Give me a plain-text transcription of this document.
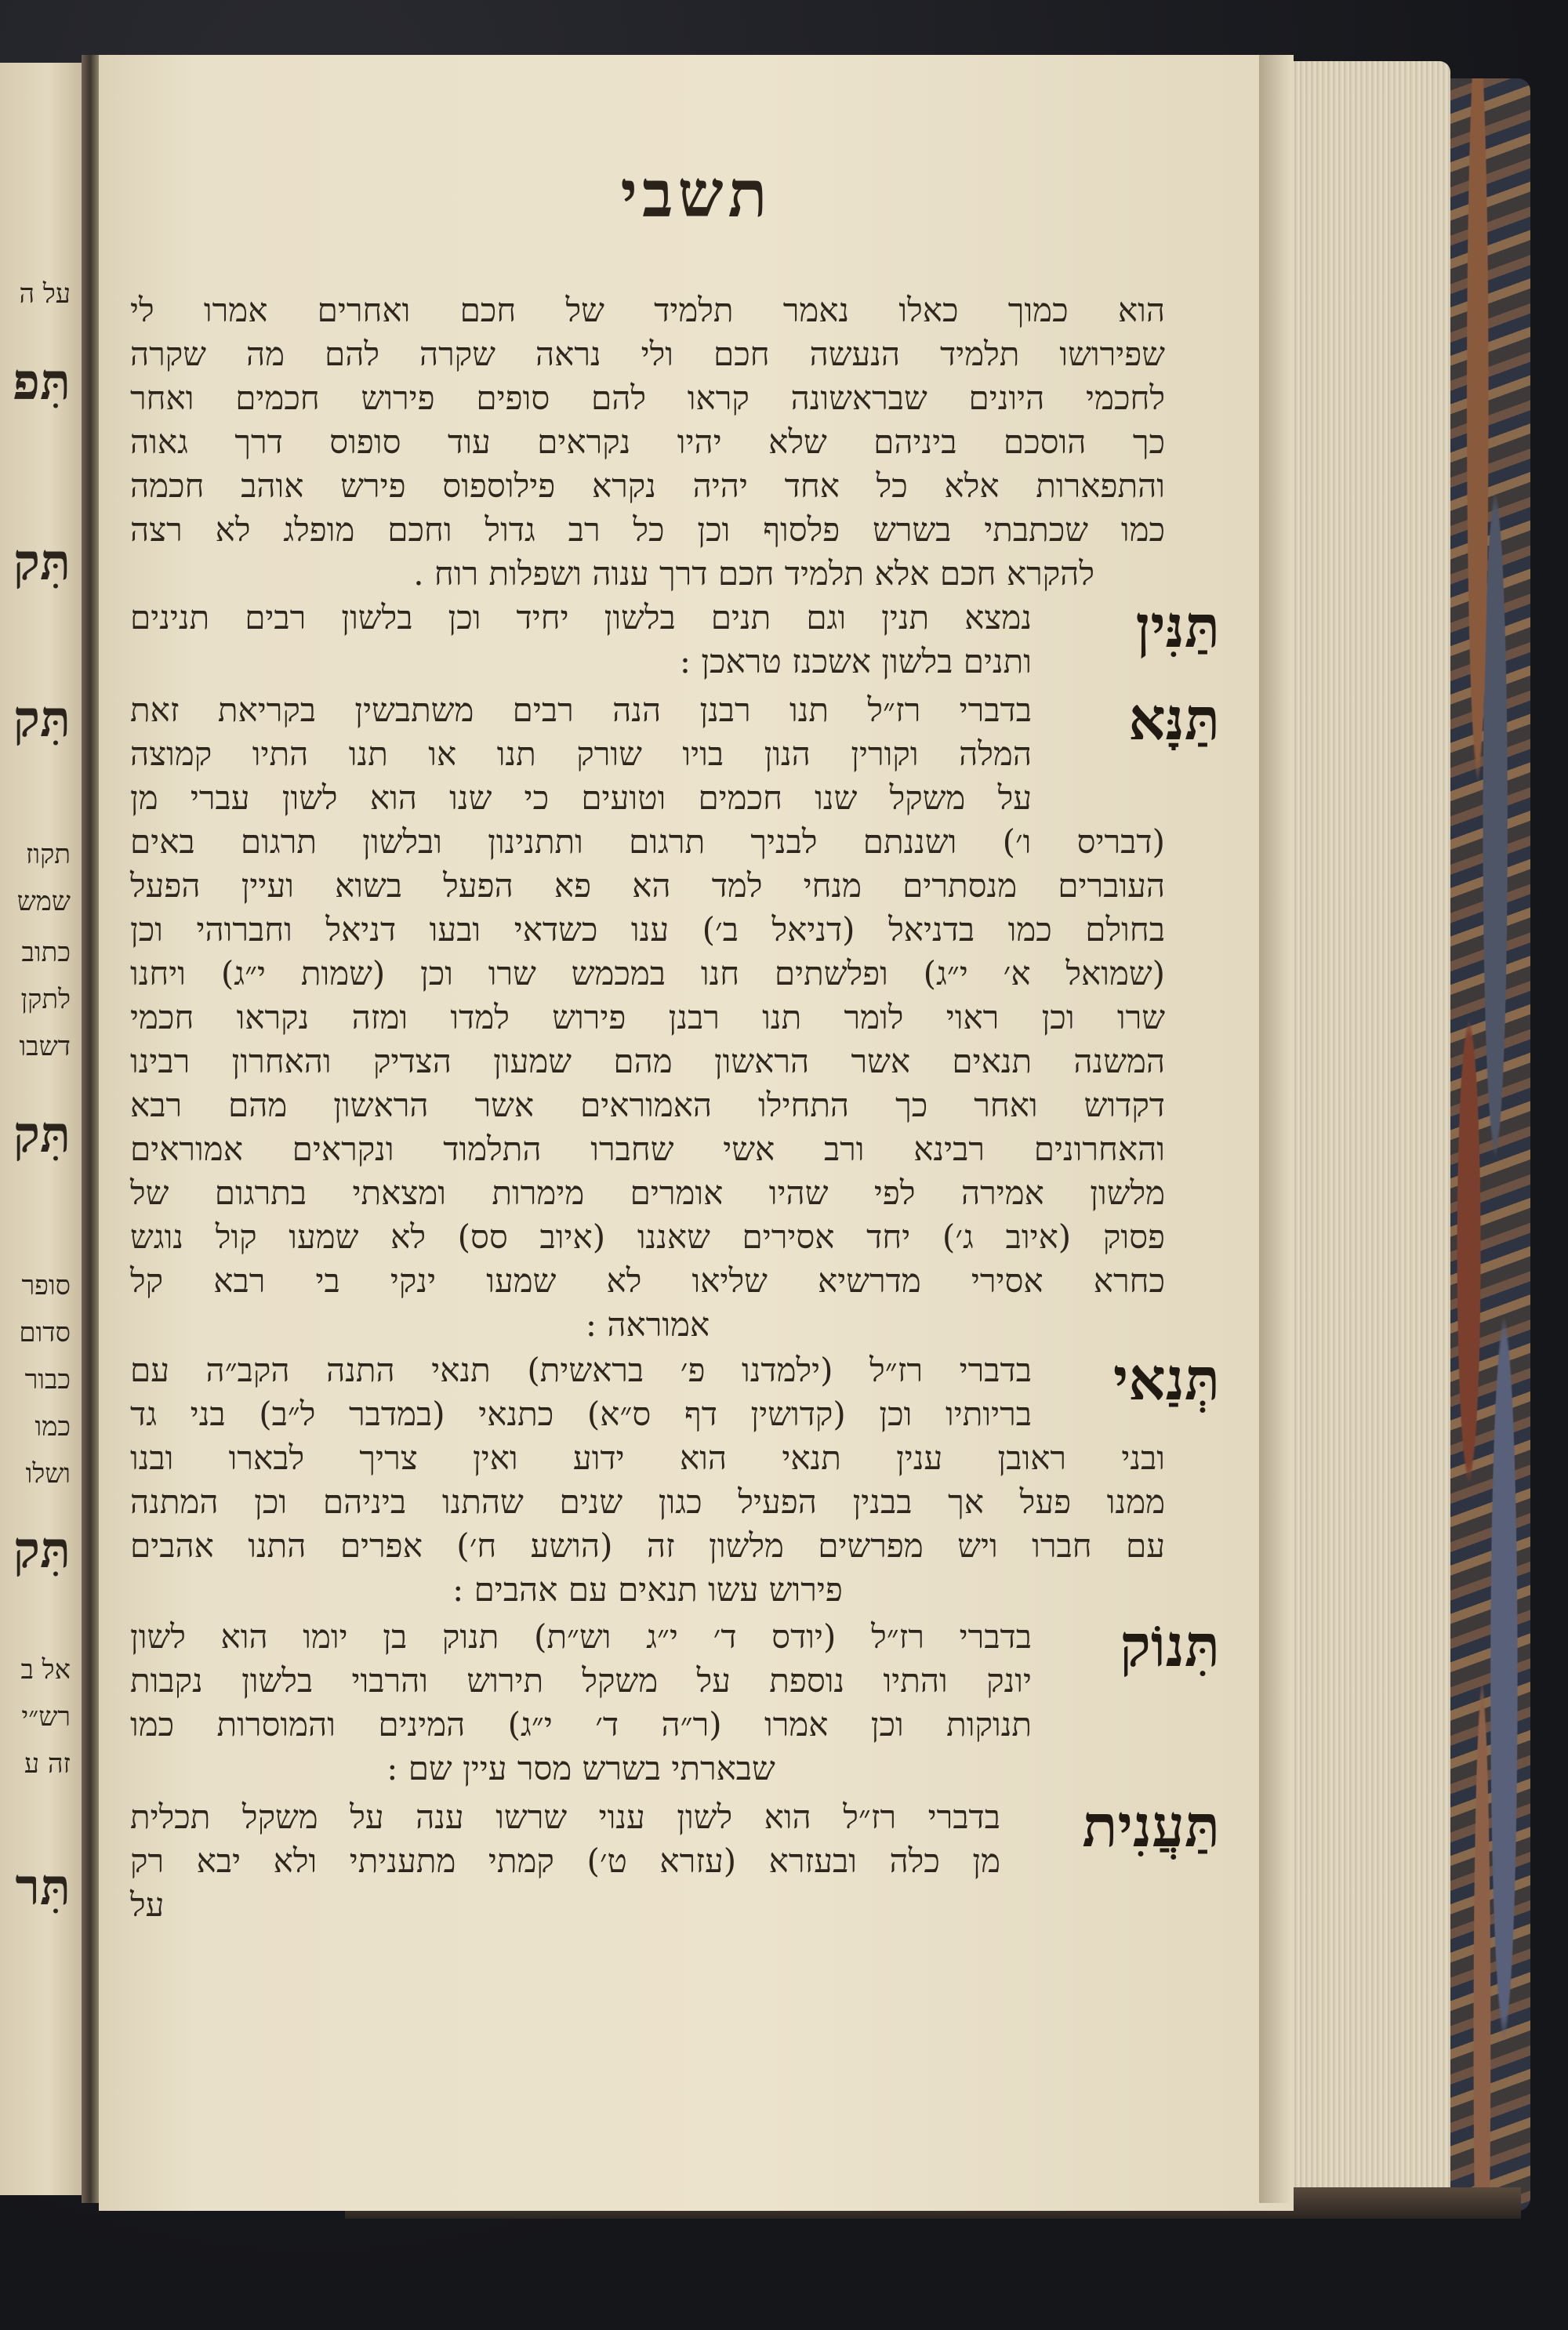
על ה
תִּפ
תִּק
תִּק
תקוז
שמש
כתוב
לתקן
דשבו
תִּק
סופר
סדום
כבור
כמו
ושלו
תִּק
אל ב
רש״י
זה ע
תִּר
תשבי
הוא כמוך כאלו נאמר תלמיד של חכם ואחרים אמרו לי
שפירושו תלמיד הנעשה חכם ולי נראה שקרה להם מה שקרה
לחכמי היונים שבראשונה קראו להם סופים פירוש חכמים ואחר
כך הוסכם ביניהם שלא יהיו נקראים עוד סופוס דרך גאוה
והתפארות אלא כל אחד יהיה נקרא פילוספוס פירש אוהב חכמה
כמו שכתבתי בשרש פלסוף וכן כל רב גדול וחכם מופלג לא רצה
להקרא חכם אלא תלמיד חכם דרך ענוה ושפלות רוח .
תַּנִּין
נמצא תנין וגם תנים בלשון יחיד וכן בלשון רבים תנינים
ותנים בלשון אשכנז טראכן :
תַּנָּא
בדברי רז״ל תנו רבנן הנה רבים משתבשין בקריאת זאת
המלה וקורין הנון בויו שורק תנו או תנו התיו קמוצה
על משקל שנו חכמים וטועים כי שנו הוא לשון עברי מן
(דבריס ו׳) ושננתם לבניך תרגום ותתנינון ובלשון תרגום באים
העוברים מנסתרים מנחי למד הא פא הפעל בשוא ועיין הפעל
בחולם כמו בדניאל (דניאל ב׳) ענו כשדאי ובעו דניאל וחברוהי וכן
(שמואל א׳ י״ג) ופלשתים חנו במכמש שרו וכן (שמות י״ג) ויחנו
שרו וכן ראוי לומר תנו רבנן פירוש למדו ומזה נקראו חכמי
המשנה תנאים אשר הראשון מהם שמעון הצדיק והאחרון רבינו
דקדוש ואחר כך התחילו האמוראים אשר הראשון מהם רבא
והאחרונים רבינא ורב אשי שחברו התלמוד ונקראים אמוראים
מלשון אמירה לפי שהיו אומרים מימרות ומצאתי בתרגום של
פסוק (איוב ג׳) יחד אסירים שאננו (איוב סס) לא שמעו קול נוגש
כחרא אסירי מדרשיא שליאו לא שמעו ינקי בי רבא קל
אמוראה :
תְּנַאי
בדברי רז״ל (ילמדנו פ׳ בראשית) תנאי התנה הקב״ה עם
בריותיו וכן (קדושין דף ס״א) כתנאי (במדבר ל״ב) בני גד
ובני ראובן ענין תנאי הוא ידוע ואין צריך לבארו ובנו
ממנו פעל אך בבנין הפעיל כגון שנים שהתנו ביניהם וכן המתנה
עם חברו ויש מפרשים מלשון זה (הושע ח׳) אפרים התנו אהבים
פירוש עשו תנאים עם אהבים :
תִּנוֹק
בדברי רז״ל (יודס ד׳ י״ג וש״ת) תנוק בן יומו הוא לשון
יונק והתיו נוספת על משקל תירוש והרבוי בלשון נקבות
תנוקות וכן אמרו (ר״ה ד׳ י״ג) המינים והמוסרות כמו
שבארתי בשרש מסר עיין שם :
תַּעֲנִית
בדברי רז״ל הוא לשון ענוי שרשו ענה על משקל תכלית
מן כלה ובעזרא (עזרא ט׳) קמתי מתעניתי ולא יבא רק
על
